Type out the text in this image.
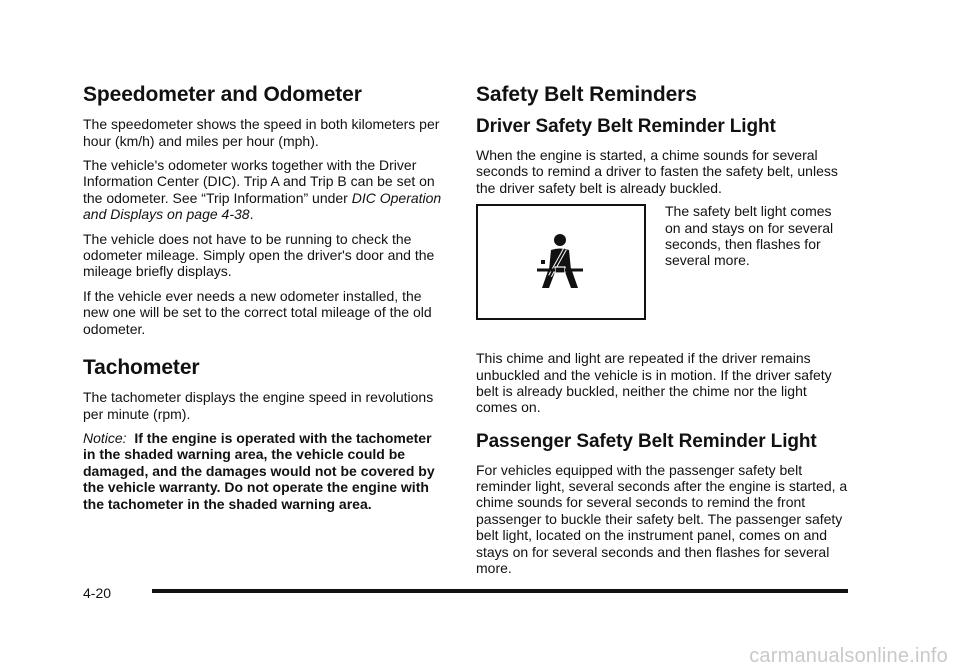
Speedometer and Odometer

The speedometer shows the speed in both kilometers per hour (km/h) and miles per hour (mph).

The vehicle's odometer works together with the Driver Information Center (DIC). Trip A and Trip B can be set on the odometer. See “Trip Information” under DIC Operation and Displays on page 4-38.

The vehicle does not have to be running to check the odometer mileage. Simply open the driver's door and the mileage briefly displays.

If the vehicle ever needs a new odometer installed, the new one will be set to the correct total mileage of the old odometer.

Tachometer

The tachometer displays the engine speed in revolutions per minute (rpm).

Notice: If the engine is operated with the tachometer in the shaded warning area, the vehicle could be damaged, and the damages would not be covered by the vehicle warranty. Do not operate the engine with the tachometer in the shaded warning area.

Safety Belt Reminders
Driver Safety Belt Reminder Light

When the engine is started, a chime sounds for several seconds to remind a driver to fasten the safety belt, unless the driver safety belt is already buckled.

The safety belt light comes on and stays on for several seconds, then flashes for several more.

This chime and light are repeated if the driver remains unbuckled and the vehicle is in motion. If the driver safety belt is already buckled, neither the chime nor the light comes on.

Passenger Safety Belt Reminder Light

For vehicles equipped with the passenger safety belt reminder light, several seconds after the engine is started, a chime sounds for several seconds to remind the front passenger to buckle their safety belt. The passenger safety belt light, located on the instrument panel, comes on and stays on for several seconds and then flashes for several more.

4-20
carmanualsonline.info
